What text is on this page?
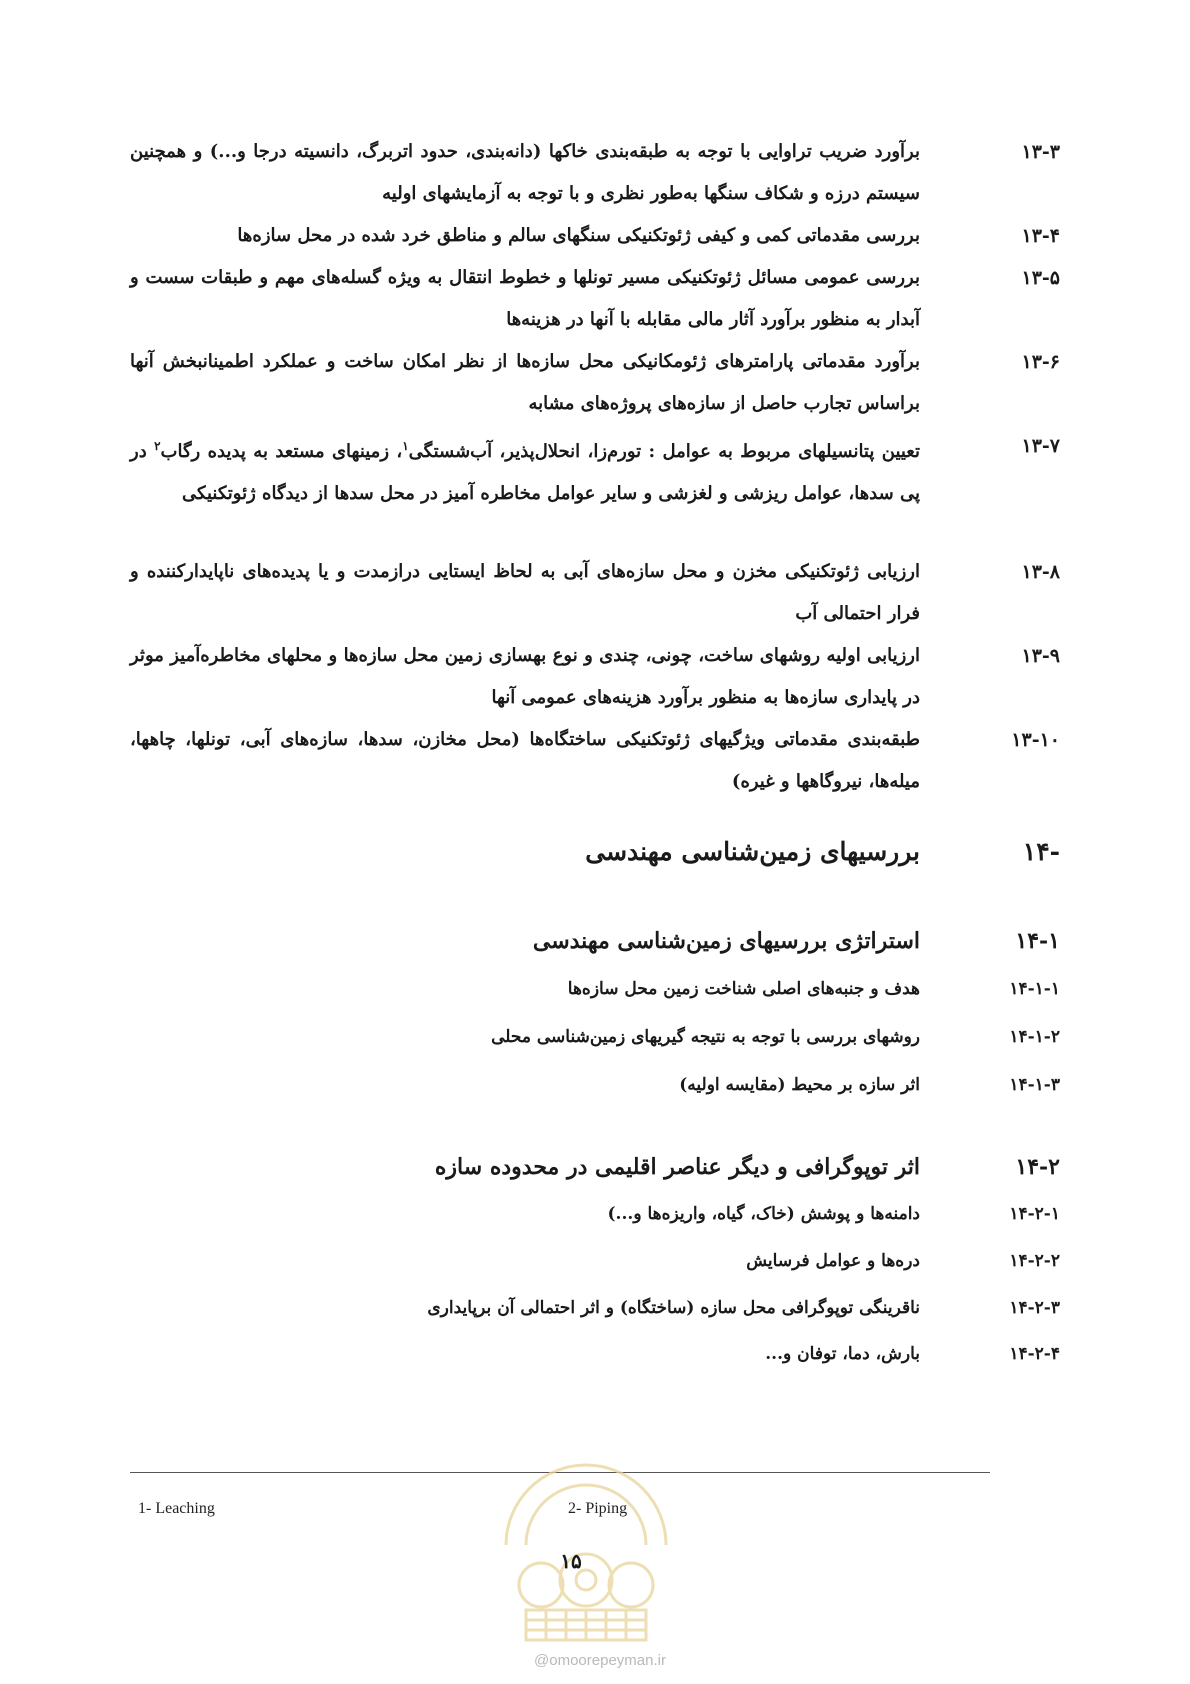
۱۳-۳
برآورد ضریب تراوایی با توجه به طبقه‌بندی خاکها (دانه‌بندی، حدود اتربرگ، دانسیته درجا و...) و همچنین سیستم درزه و شکاف سنگها به‌طور نظری و با توجه به آزمایشهای اولیه
۱۳-۴
بررسی مقدماتی کمی و کیفی ژئوتکنیکی سنگهای سالم و مناطق خرد شده در محل سازه‌ها
۱۳-۵
بررسی عمومی مسائل ژئوتکنیکی مسیر تونلها و خطوط انتقال به ویژه گسله‌های مهم و طبقات سست و آبدار به منظور برآورد آثار مالی مقابله با آنها در هزینه‌ها
۱۳-۶
برآورد مقدماتی پارامترهای ژئومکانیکی محل سازه‌ها از نظر امکان ساخت و عملکرد اطمینانبخش آنها براساس تجارب حاصل از سازه‌های پروژه‌های مشابه
۱۳-۷
تعیین پتانسیلهای مربوط به عوامل : تورم‌زا، انحلال‌پذیر، آب‌شستگی$^۱$، زمینهای مستعد به پدیده رگاب$^۲$ در پی سدها، عوامل ریزشی و لغزشی و سایر عوامل مخاطره آمیز در محل سدها از دیدگاه ژئوتکنیکی
۱۳-۸
ارزیابی ژئوتکنیکی مخزن و محل سازه‌های آبی به لحاظ ایستایی درازمدت و یا پدیده‌های ناپایدارکننده و فرار احتمالی آب
۱۳-۹
ارزیابی اولیه روشهای ساخت، چونی، چندی و نوع بهسازی زمین محل سازه‌ها و محلهای مخاطره‌آمیز موثر در پایداری سازه‌ها به منظور برآورد هزینه‌های عمومی آنها
۱۳-۱۰
طبقه‌بندی مقدماتی ویژگیهای ژئوتکنیکی ساختگاه‌ها (محل مخازن، سدها، سازه‌های آبی، تونلها، چاهها، میله‌ها، نیروگاهها و غیره)
۱۴-
بررسیهای زمین‌شناسی مهندسی
۱۴-۱
استراتژی بررسیهای زمین‌شناسی مهندسی
۱۴-۱-۱
هدف و جنبه‌های اصلی شناخت زمین محل سازه‌ها
۱۴-۱-۲
روشهای بررسی با توجه به نتیجه گیریهای زمین‌شناسی محلی
۱۴-۱-۳
اثر سازه بر محیط (مقایسه اولیه)
۱۴-۲
اثر توپوگرافی و دیگر عناصر اقلیمی در محدوده سازه
۱۴-۲-۱
دامنه‌ها و پوشش (خاک، گیاه، واریزه‌ها و...)
۱۴-۲-۲
دره‌ها و عوامل فرسایش
۱۴-۲-۳
ناقرینگی توپوگرافی محل سازه (ساختگاه) و اثر احتمالی آن برپایداری
۱۴-۲-۴
بارش، دما، توفان و...
1- Leaching	2- Piping
۱۵
@omoorepeyman.ir
